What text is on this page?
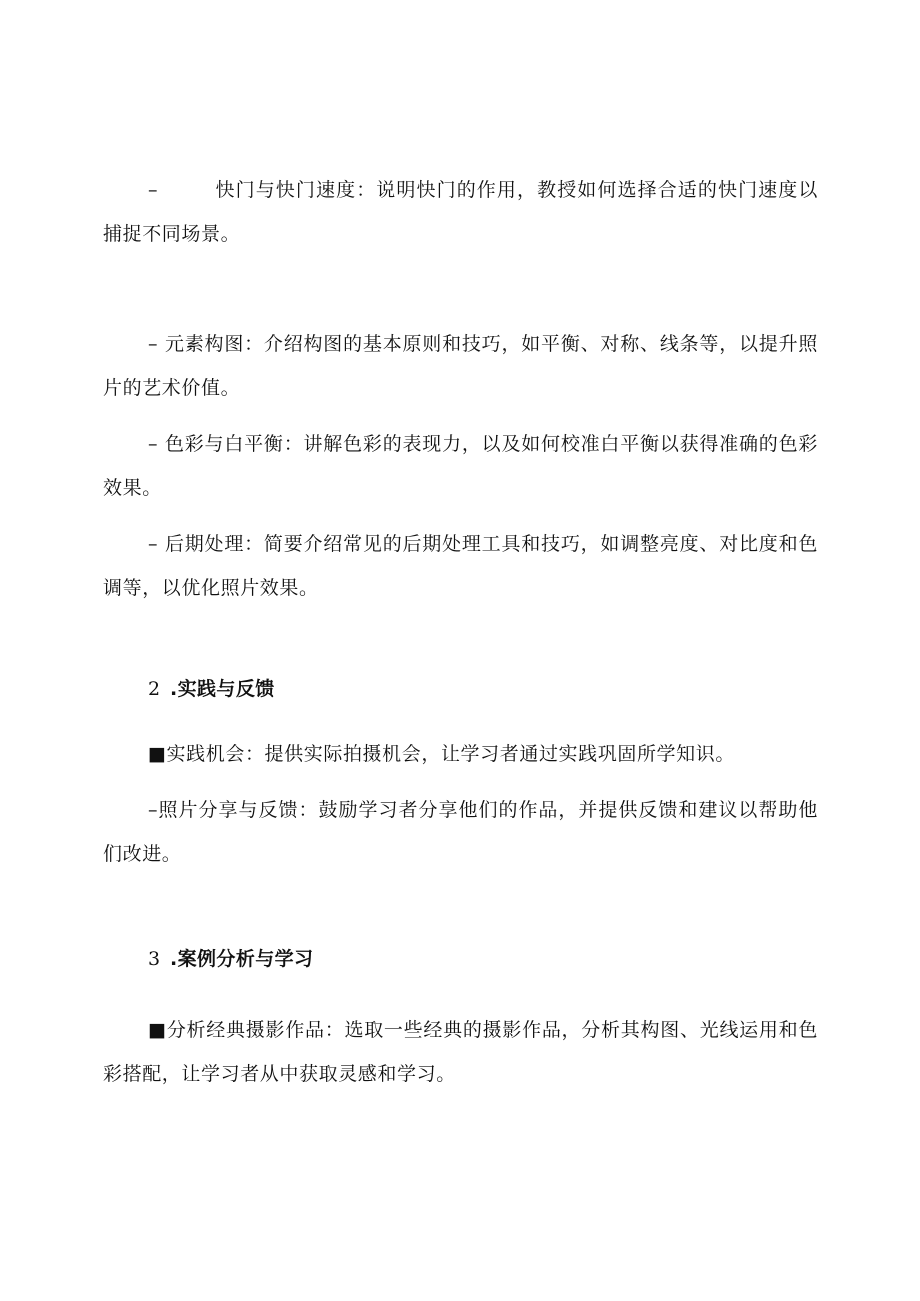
–	快门与快门速度：说明快门的作用，教授如何选择合适的快门速度以捕捉不同场景。

– 元素构图：介绍构图的基本原则和技巧，如平衡、对称、线条等，以提升照片的艺术价值。

– 色彩与白平衡：讲解色彩的表现力，以及如何校准白平衡以获得准确的色彩效果。

– 后期处理：简要介绍常见的后期处理工具和技巧，如调整亮度、对比度和色调等，以优化照片效果。

2 .实践与反馈

■实践机会：提供实际拍摄机会，让学习者通过实践巩固所学知识。

–照片分享与反馈：鼓励学习者分享他们的作品，并提供反馈和建议以帮助他们改进。

3 .案例分析与学习

■分析经典摄影作品：选取一些经典的摄影作品，分析其构图、光线运用和色彩搭配，让学习者从中获取灵感和学习。
